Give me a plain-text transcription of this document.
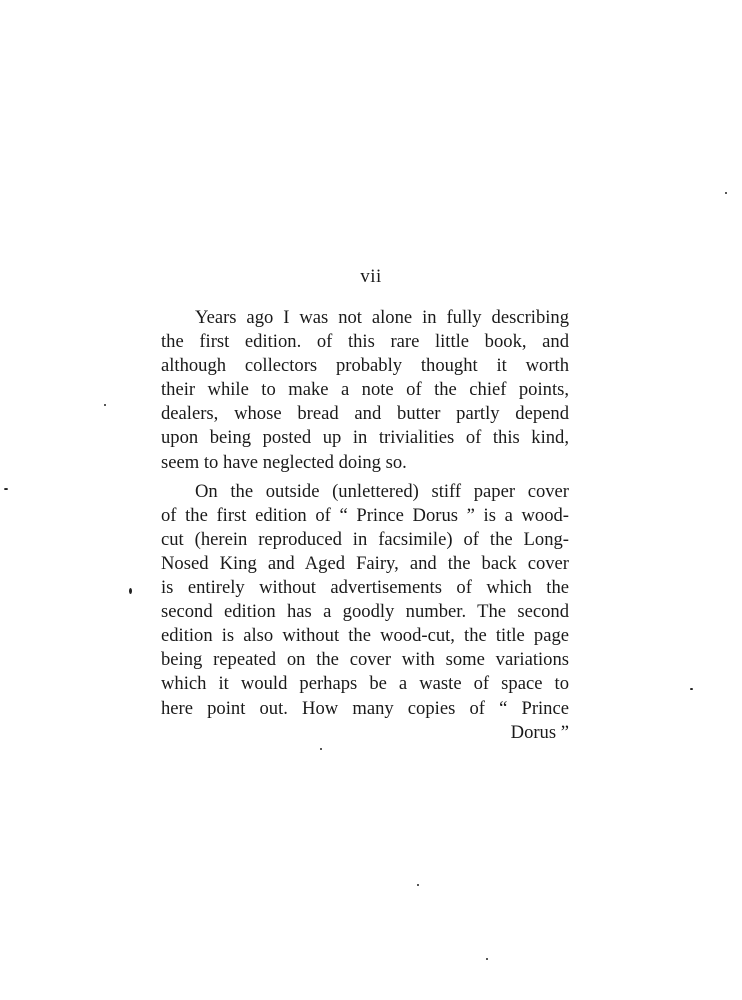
vii
Years ago I was not alone in fully describing
the first edition. of this rare little book, and
although collectors probably thought it worth
their while to make a note of the chief points,
dealers, whose bread and butter partly depend
upon being posted up in trivialities of this kind,
seem to have neglected doing so.
On the outside (unlettered) stiff paper cover
of the first edition of “ Prince Dorus ” is a wood-
cut (herein reproduced in facsimile) of the Long-
Nosed King and Aged Fairy, and the back cover
is entirely without advertisements of which the
second edition has a goodly number. The second
edition is also without the wood-cut, the title page
being repeated on the cover with some variations
which it would perhaps be a waste of space to
here point out. How many copies of “ Prince
Dorus ”
